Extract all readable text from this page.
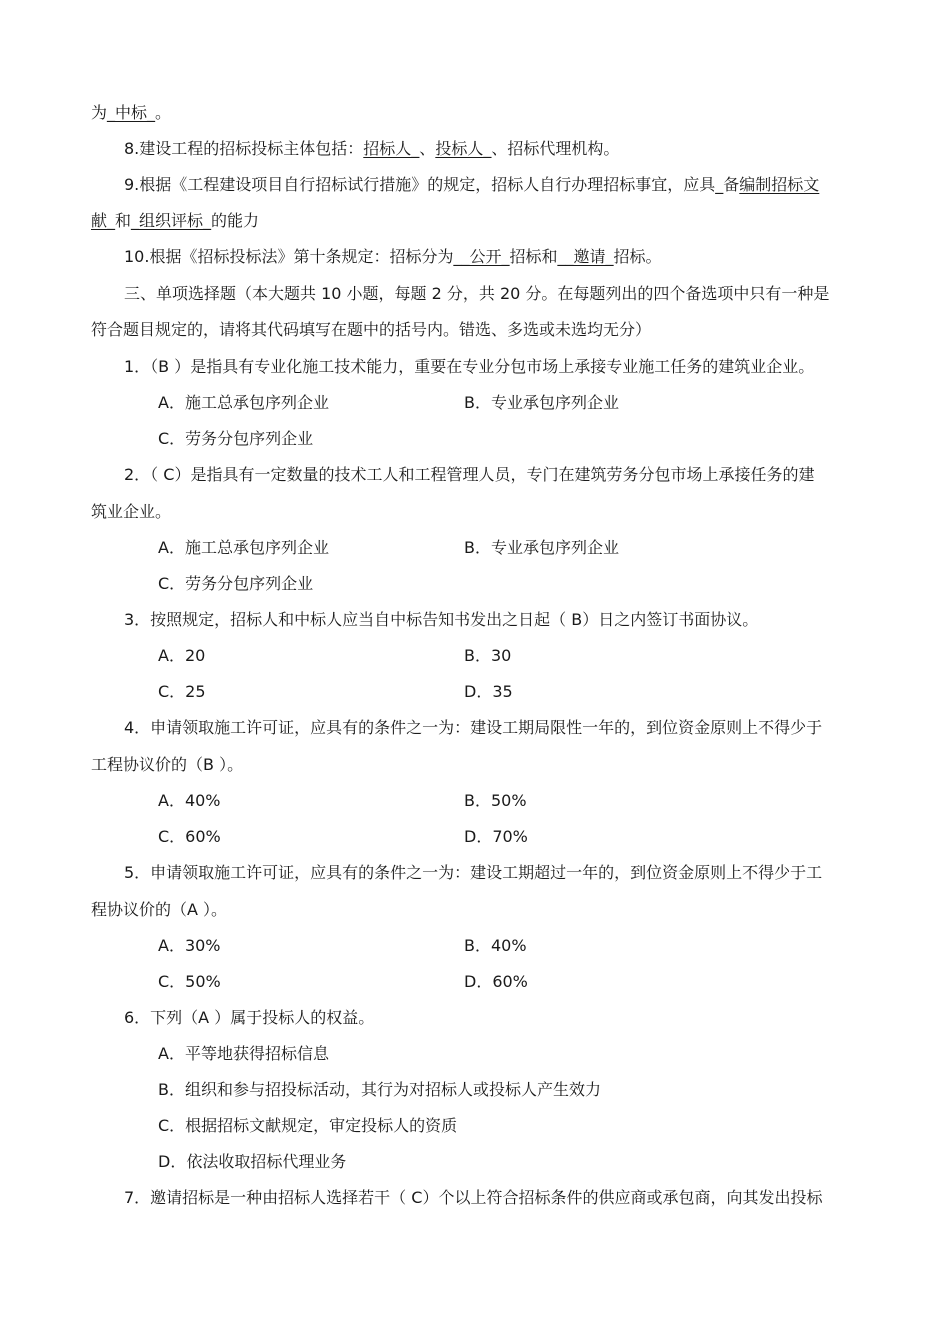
为_中标_。
8.建设工程的招标投标主体包括：招标人_、投标人_、招标代理机构。
9.根据《工程建设项目自行招标试行措施》的规定，招标人自行办理招标事宜，应具_备编制招标文
献_和_组织评标_的能力
10.根据《招标投标法》第十条规定：招标分为__公开_招标和__邀请_招标。
三、单项选择题（本大题共 10 小题，每题 2 分，共 20 分。在每题列出的四个备选项中只有一种是
符合题目规定的，请将其代码填写在题中的括号内。错选、多选或未选均无分）
1．（B ）是指具有专业化施工技术能力，重要在专业分包市场上承接专业施工任务的建筑业企业。
A．施工总承包序列企业	B．专业承包序列企业
C．劳务分包序列企业
2．（ C）是指具有一定数量的技术工人和工程管理人员，专门在建筑劳务分包市场上承接任务的建
筑业企业。
A．施工总承包序列企业	B．专业承包序列企业
C．劳务分包序列企业
3．按照规定，招标人和中标人应当自中标告知书发出之日起（ B）日之内签订书面协议。
A．20	B．30
C．25	D．35
4．申请领取施工许可证，应具有的条件之一为：建设工期局限性一年的，到位资金原则上不得少于
工程协议价的（B ）。
A．40%	B．50%
C．60%	D．70%
5．申请领取施工许可证，应具有的条件之一为：建设工期超过一年的，到位资金原则上不得少于工
程协议价的（A ）。
A．30%	B．40%
C．50%	D．60%
6．下列（A ）属于投标人的权益。
A．平等地获得招标信息
B．组织和参与招投标活动，其行为对招标人或投标人产生效力
C．根据招标文献规定，审定投标人的资质
D．依法收取招标代理业务
7．邀请招标是一种由招标人选择若干（ C）个以上符合招标条件的供应商或承包商，向其发出投标
